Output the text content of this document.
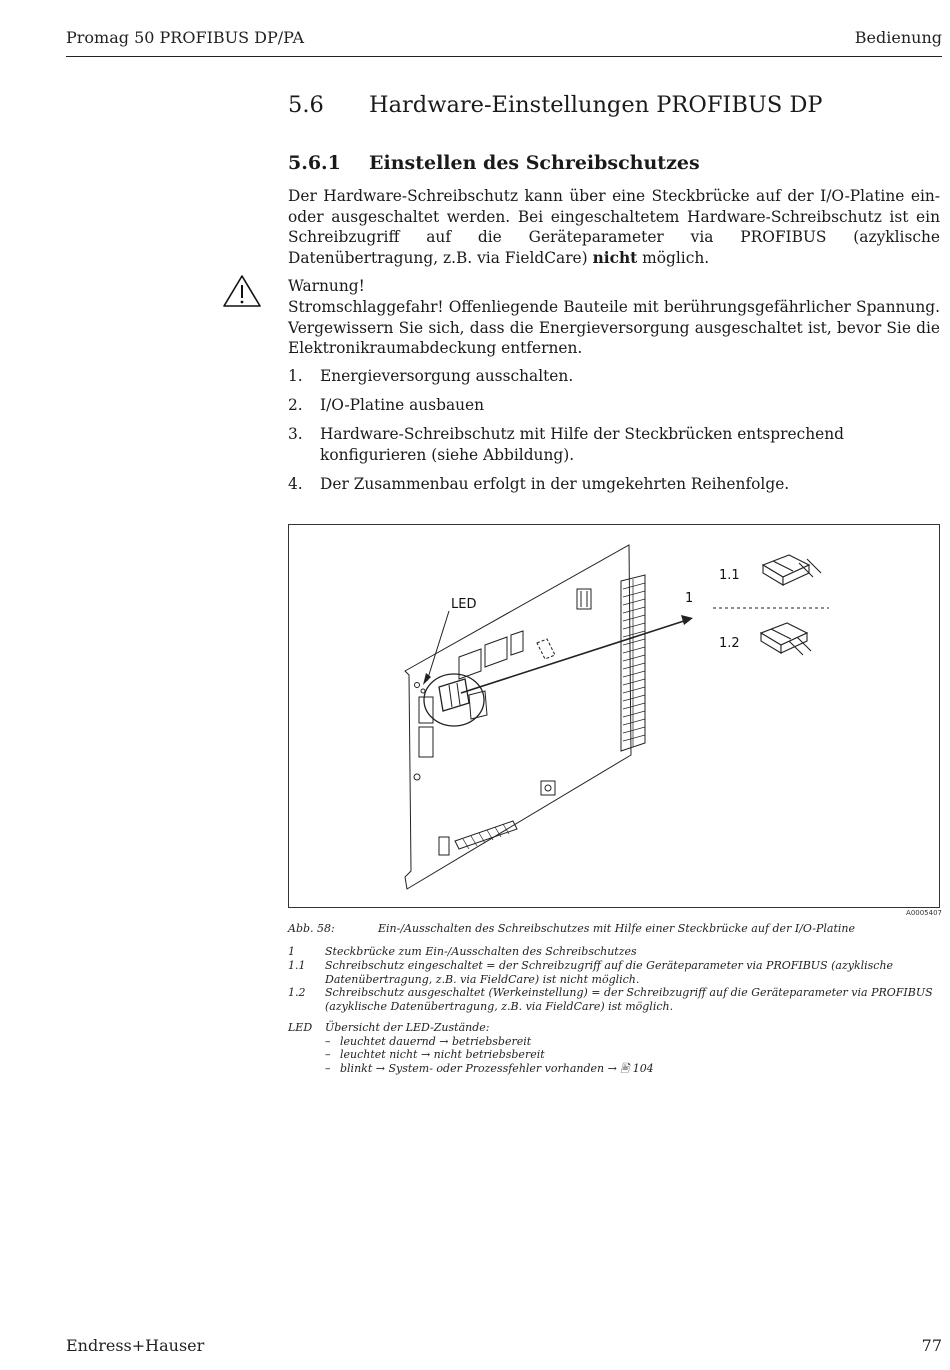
Promag 50 PROFIBUS DP/PA	Bedienung
5.6 Hardware-Einstellungen PROFIBUS DP
5.6.1 Einstellen des Schreibschutzes

Der Hardware-Schreibschutz kann über eine Steckbrücke auf der I/O-Platine ein- oder ausgeschaltet werden. Bei eingeschaltetem Hardware-Schreibschutz ist ein Schreibzugriff auf die Geräteparameter via PROFIBUS (azyklische Datenübertragung, z.B. via FieldCare) nicht möglich.

Warnung!

Stromschlaggefahr! Offenliegende Bauteile mit berührungsgefährlicher Spannung. Vergewissern Sie sich, dass die Energieversorgung ausgeschaltet ist, bevor Sie die Elektronikraumabdeckung entfernen.

1. Energieversorgung ausschalten.
2. I/O-Platine ausbauen
3. Hardware-Schreibschutz mit Hilfe der Steckbrücken entsprechend konfigurieren (siehe Abbildung).
4. Der Zusammenbau erfolgt in der umgekehrten Reihenfolge.
LED	1
1.1
1.2
A0005407
Abb. 58:	Ein-/Ausschalten des Schreibschutzes mit Hilfe einer Steckbrücke auf der I/O-Platine
1	Steckbrücke zum Ein-/Ausschalten des Schreibschutzes
1.1 Schreibschutz eingeschaltet = der Schreibzugriff auf die Geräteparameter via PROFIBUS (azyklische Datenübertragung, z.B. via FieldCare) ist nicht möglich.
1.2 Schreibschutz ausgeschaltet (Werkeinstellung) = der Schreibzugriff auf die Geräteparameter via PROFIBUS (azyklische Datenübertragung, z.B. via FieldCare) ist möglich.
LED Übersicht der LED-Zustände:
– leuchtet dauernd → betriebsbereit
– leuchtet nicht → nicht betriebsbereit
– blinkt → System- oder Prozessfehler vorhanden → 🖹 104
Endress+Hauser	77
